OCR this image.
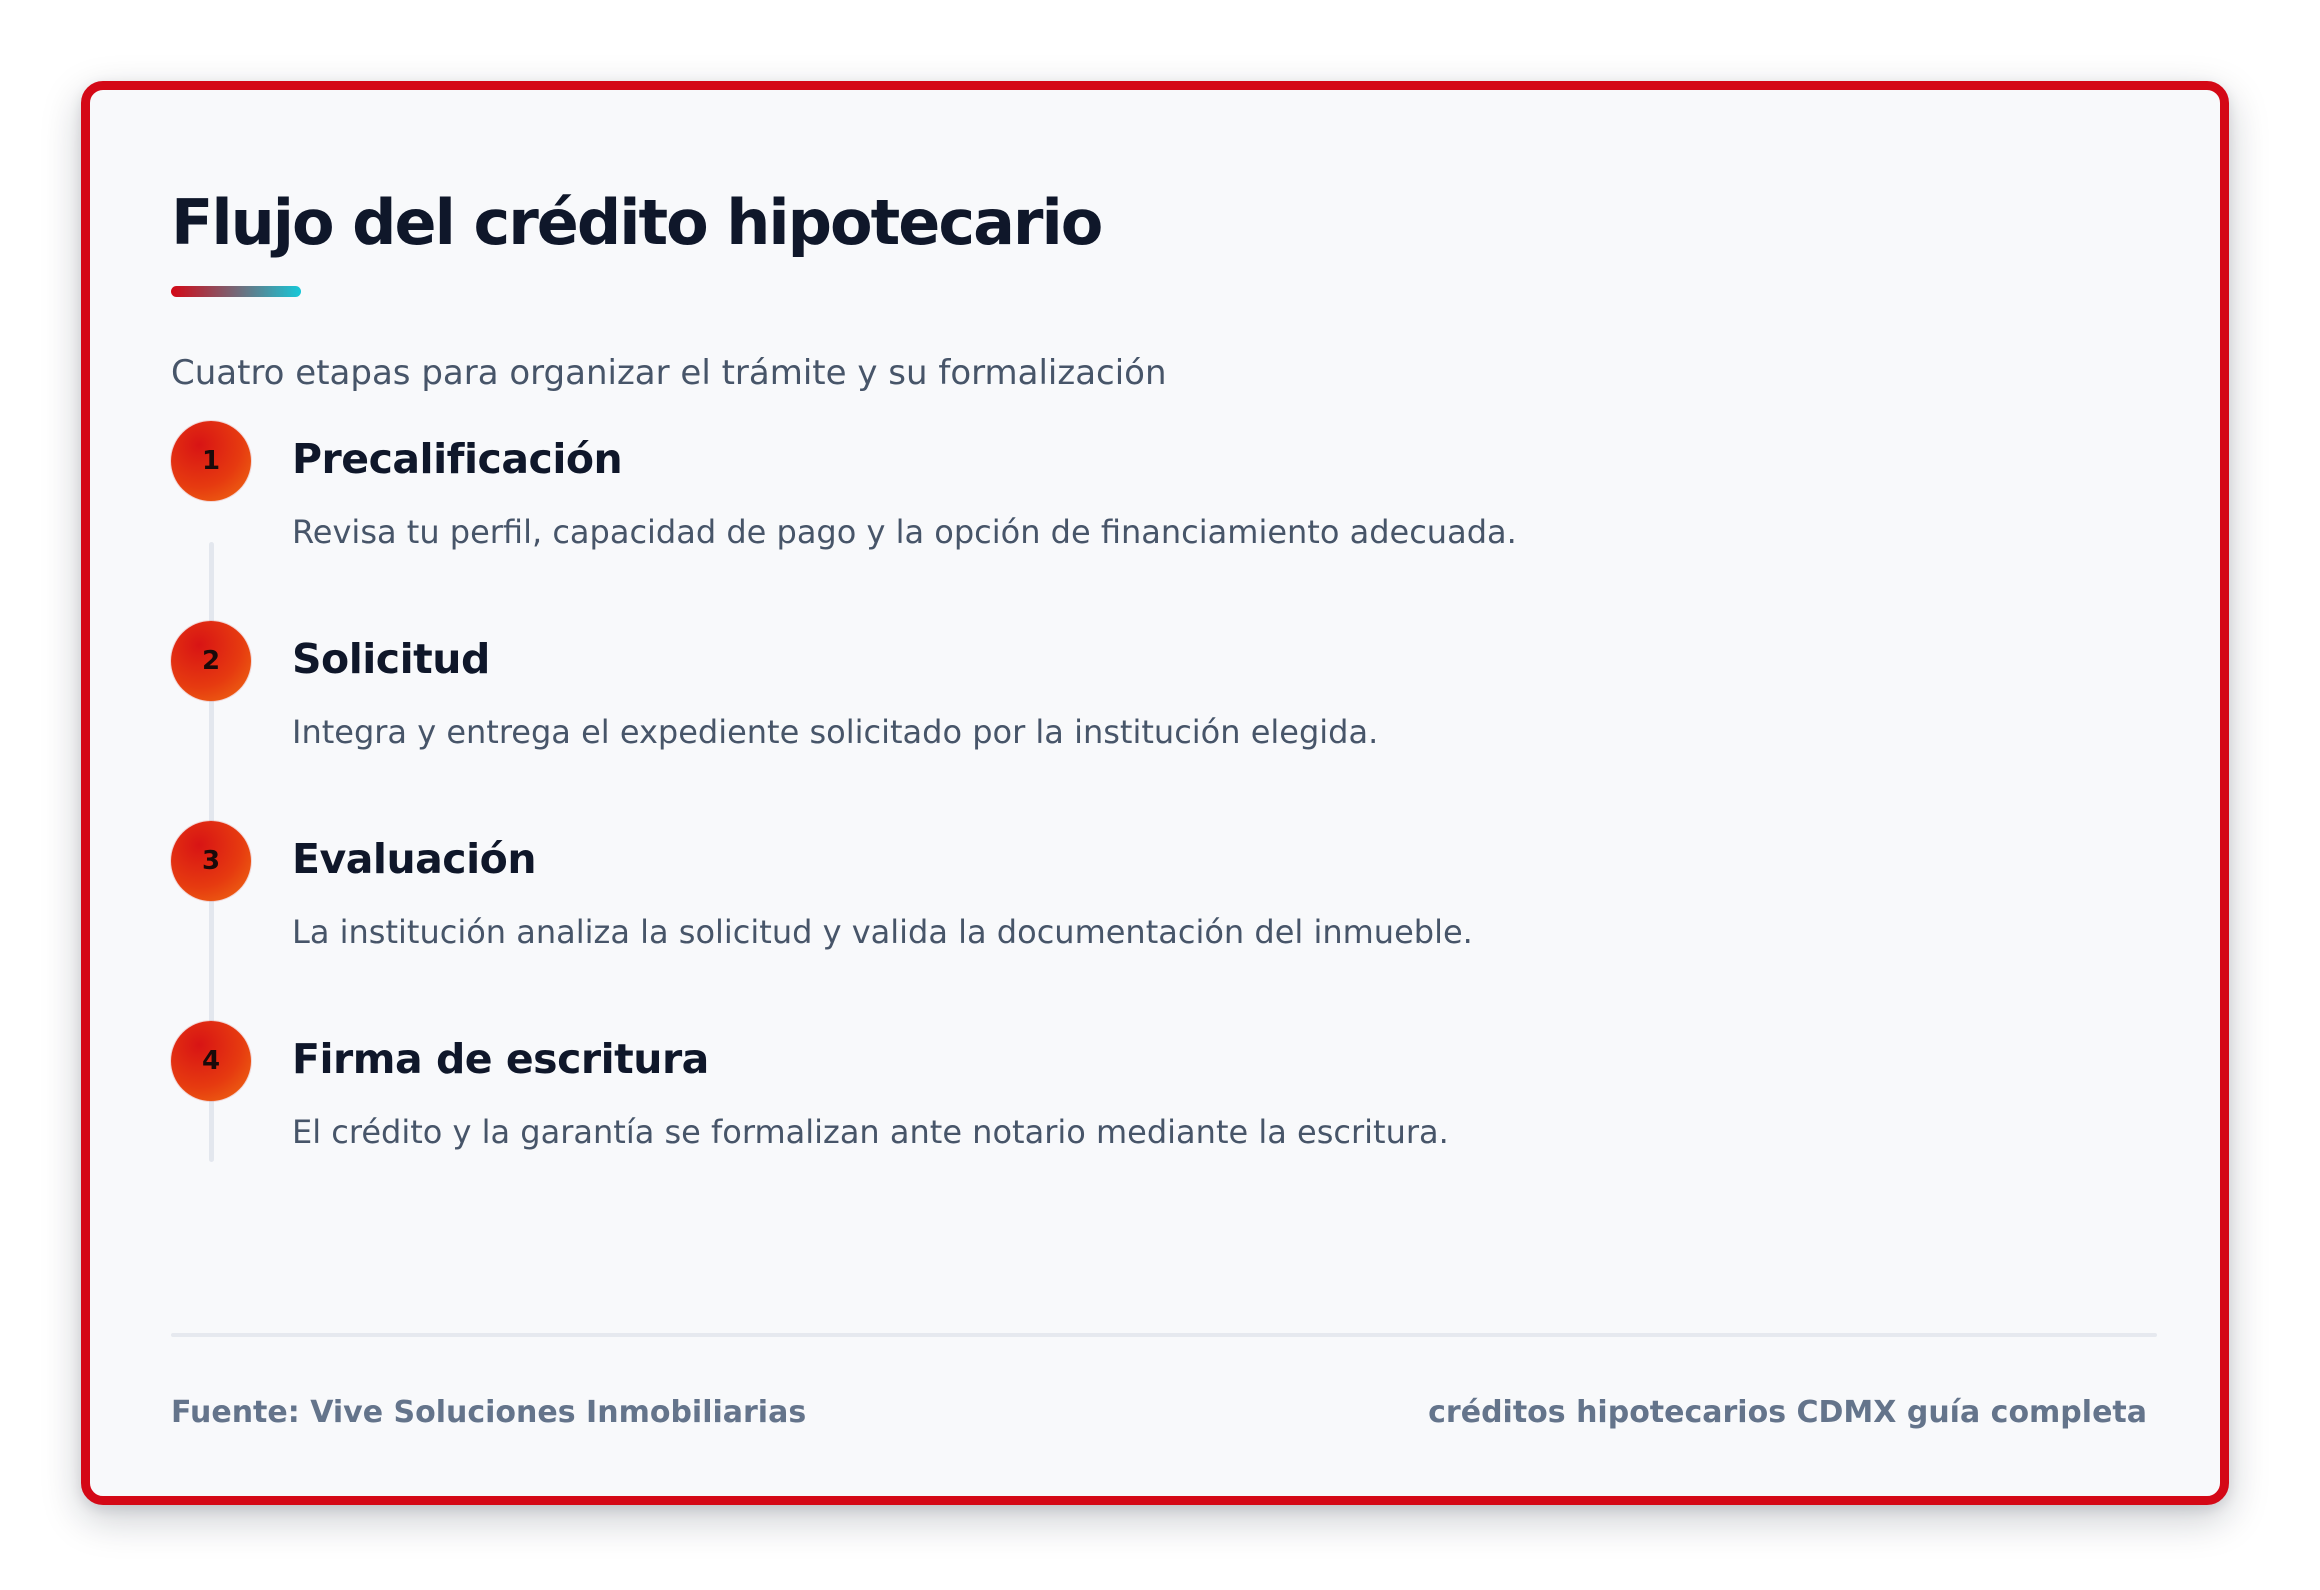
Flujo del crédito hipotecario

Cuatro etapas para organizar el trámite y su formalización

1	Precalificación

Revisa tu perfil, capacidad de pago y la opción de financiamiento adecuada.

2	Solicitud

Integra y entrega el expediente solicitado por la institución elegida.

3	Evaluación

La institución analiza la solicitud y valida la documentación del inmueble.

4	Firma de escritura

El crédito y la garantía se formalizan ante notario mediante la escritura.

Fuente: Vive Soluciones Inmobiliarias	créditos hipotecarios CDMX guía completa
